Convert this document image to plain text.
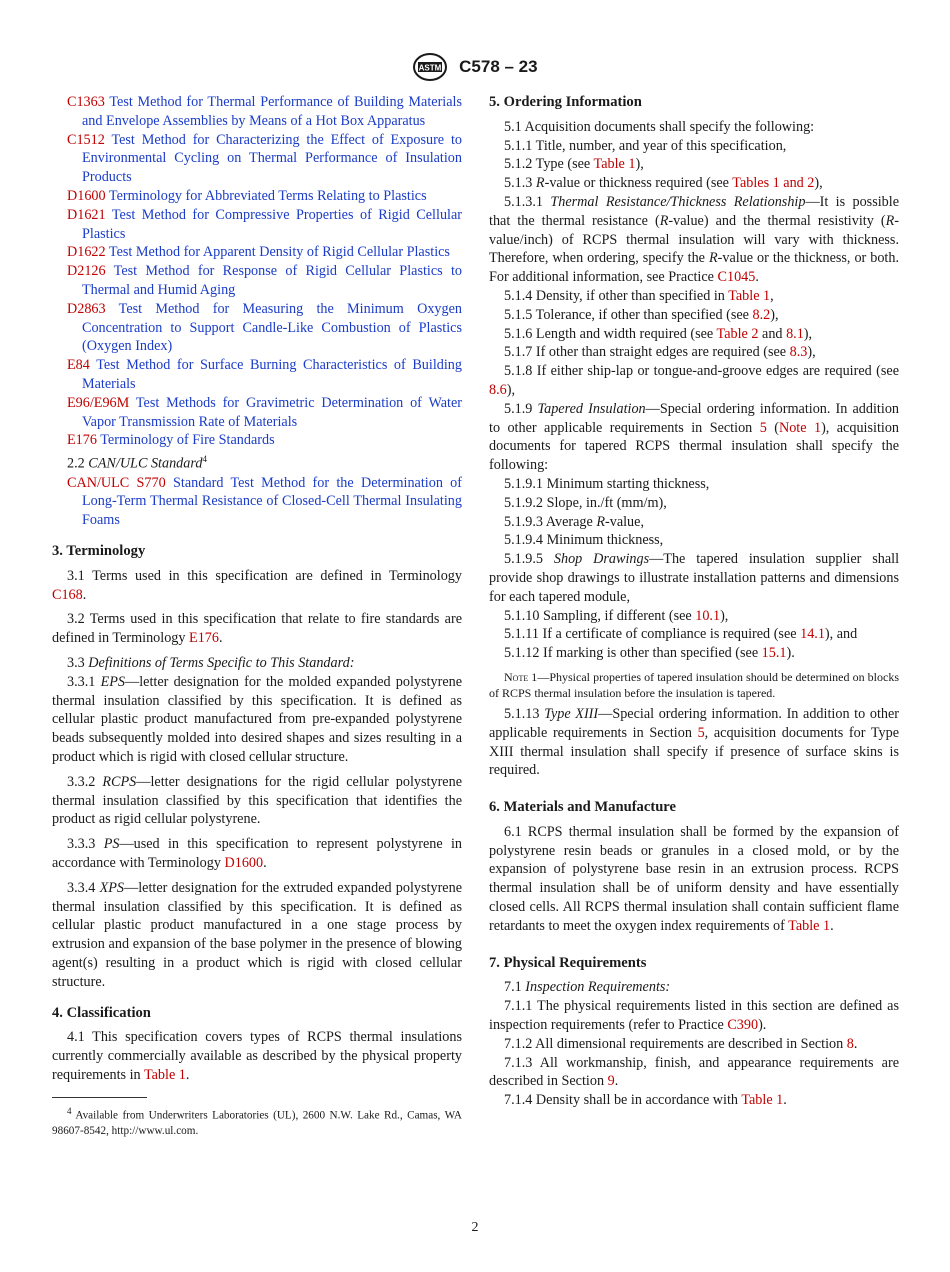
ASTM C578 – 23

C1363 Test Method for Thermal Performance of Building Materials and Envelope Assemblies by Means of a Hot Box Apparatus

C1512 Test Method for Characterizing the Effect of Exposure to Environmental Cycling on Thermal Performance of Insulation Products

D1600 Terminology for Abbreviated Terms Relating to Plastics

D1621 Test Method for Compressive Properties of Rigid Cellular Plastics

D1622 Test Method for Apparent Density of Rigid Cellular Plastics

D2126 Test Method for Response of Rigid Cellular Plastics to Thermal and Humid Aging

D2863 Test Method for Measuring the Minimum Oxygen Concentration to Support Candle-Like Combustion of Plastics (Oxygen Index)

E84 Test Method for Surface Burning Characteristics of Building Materials

E96/E96M Test Methods for Gravimetric Determination of Water Vapor Transmission Rate of Materials

E176 Terminology of Fire Standards

2.2 CAN/ULC Standard$^4$

CAN/ULC S770 Standard Test Method for the Determination of Long-Term Thermal Resistance of Closed-Cell Thermal Insulating Foams

3. Terminology

3.1 Terms used in this specification are defined in Terminology C168.

3.2 Terms used in this specification that relate to fire standards are defined in Terminology E176.

3.3 Definitions of Terms Specific to This Standard:

3.3.1 EPS—letter designation for the molded expanded polystyrene thermal insulation classified by this specification. It is defined as cellular plastic product manufactured from pre-expanded polystyrene beads subsequently molded into desired shapes and sizes resulting in a product which is rigid with closed cellular structure.

3.3.2 RCPS—letter designations for the rigid cellular polystyrene thermal insulation classified by this specification that identifies the product as rigid cellular polystyrene.

3.3.3 PS—used in this specification to represent polystyrene in accordance with Terminology D1600.

3.3.4 XPS—letter designation for the extruded expanded polystyrene thermal insulation classified by this specification. It is defined as cellular plastic product manufactured in a one stage process by extrusion and expansion of the base polymer in the presence of blowing agent(s) resulting in a product which is rigid with closed cellular structure.

4. Classification

4.1 This specification covers types of RCPS thermal insulations currently commercially available as described by the physical property requirements in Table 1.

$^4$ Available from Underwriters Laboratories (UL), 2600 N.W. Lake Rd., Camas, WA 98607-8542, http://www.ul.com.

5. Ordering Information

5.1 Acquisition documents shall specify the following:

5.1.1 Title, number, and year of this specification,

5.1.2 Type (see Table 1),

5.1.3 R-value or thickness required (see Tables 1 and 2),

5.1.3.1 Thermal Resistance/Thickness Relationship—It is possible that the thermal resistance (R-value) and the thermal resistivity (R-value/inch) of RCPS thermal insulation will vary with thickness. Therefore, when ordering, specify the R-value or the thickness, or both. For additional information, see Practice C1045.

5.1.4 Density, if other than specified in Table 1,

5.1.5 Tolerance, if other than specified (see 8.2),

5.1.6 Length and width required (see Table 2 and 8.1),

5.1.7 If other than straight edges are required (see 8.3),

5.1.8 If either ship-lap or tongue-and-groove edges are required (see 8.6),

5.1.9 Tapered Insulation—Special ordering information. In addition to other applicable requirements in Section 5 (Note 1), acquisition documents for tapered RCPS thermal insulation shall specify the following:

5.1.9.1 Minimum starting thickness,

5.1.9.2 Slope, in./ft (mm/m),

5.1.9.3 Average R-value,

5.1.9.4 Minimum thickness,

5.1.9.5 Shop Drawings—The tapered insulation supplier shall provide shop drawings to illustrate installation patterns and dimensions for each tapered module,

5.1.10 Sampling, if different (see 10.1),

5.1.11 If a certificate of compliance is required (see 14.1), and

5.1.12 If marking is other than specified (see 15.1).

Note 1—Physical properties of tapered insulation should be determined on blocks of RCPS thermal insulation before the insulation is tapered.

5.1.13 Type XIII—Special ordering information. In addition to other applicable requirements in Section 5, acquisition documents for Type XIII thermal insulation shall specify if presence of surface skins is required.

6. Materials and Manufacture

6.1 RCPS thermal insulation shall be formed by the expansion of polystyrene resin beads or granules in a closed mold, or by the expansion of polystyrene base resin in an extrusion process. RCPS thermal insulation shall be of uniform density and have essentially closed cells. All RCPS thermal insulation shall contain sufficient flame retardants to meet the oxygen index requirements of Table 1.

7. Physical Requirements

7.1 Inspection Requirements:

7.1.1 The physical requirements listed in this section are defined as inspection requirements (refer to Practice C390).

7.1.2 All dimensional requirements are described in Section 8.

7.1.3 All workmanship, finish, and appearance requirements are described in Section 9.

7.1.4 Density shall be in accordance with Table 1.

2
